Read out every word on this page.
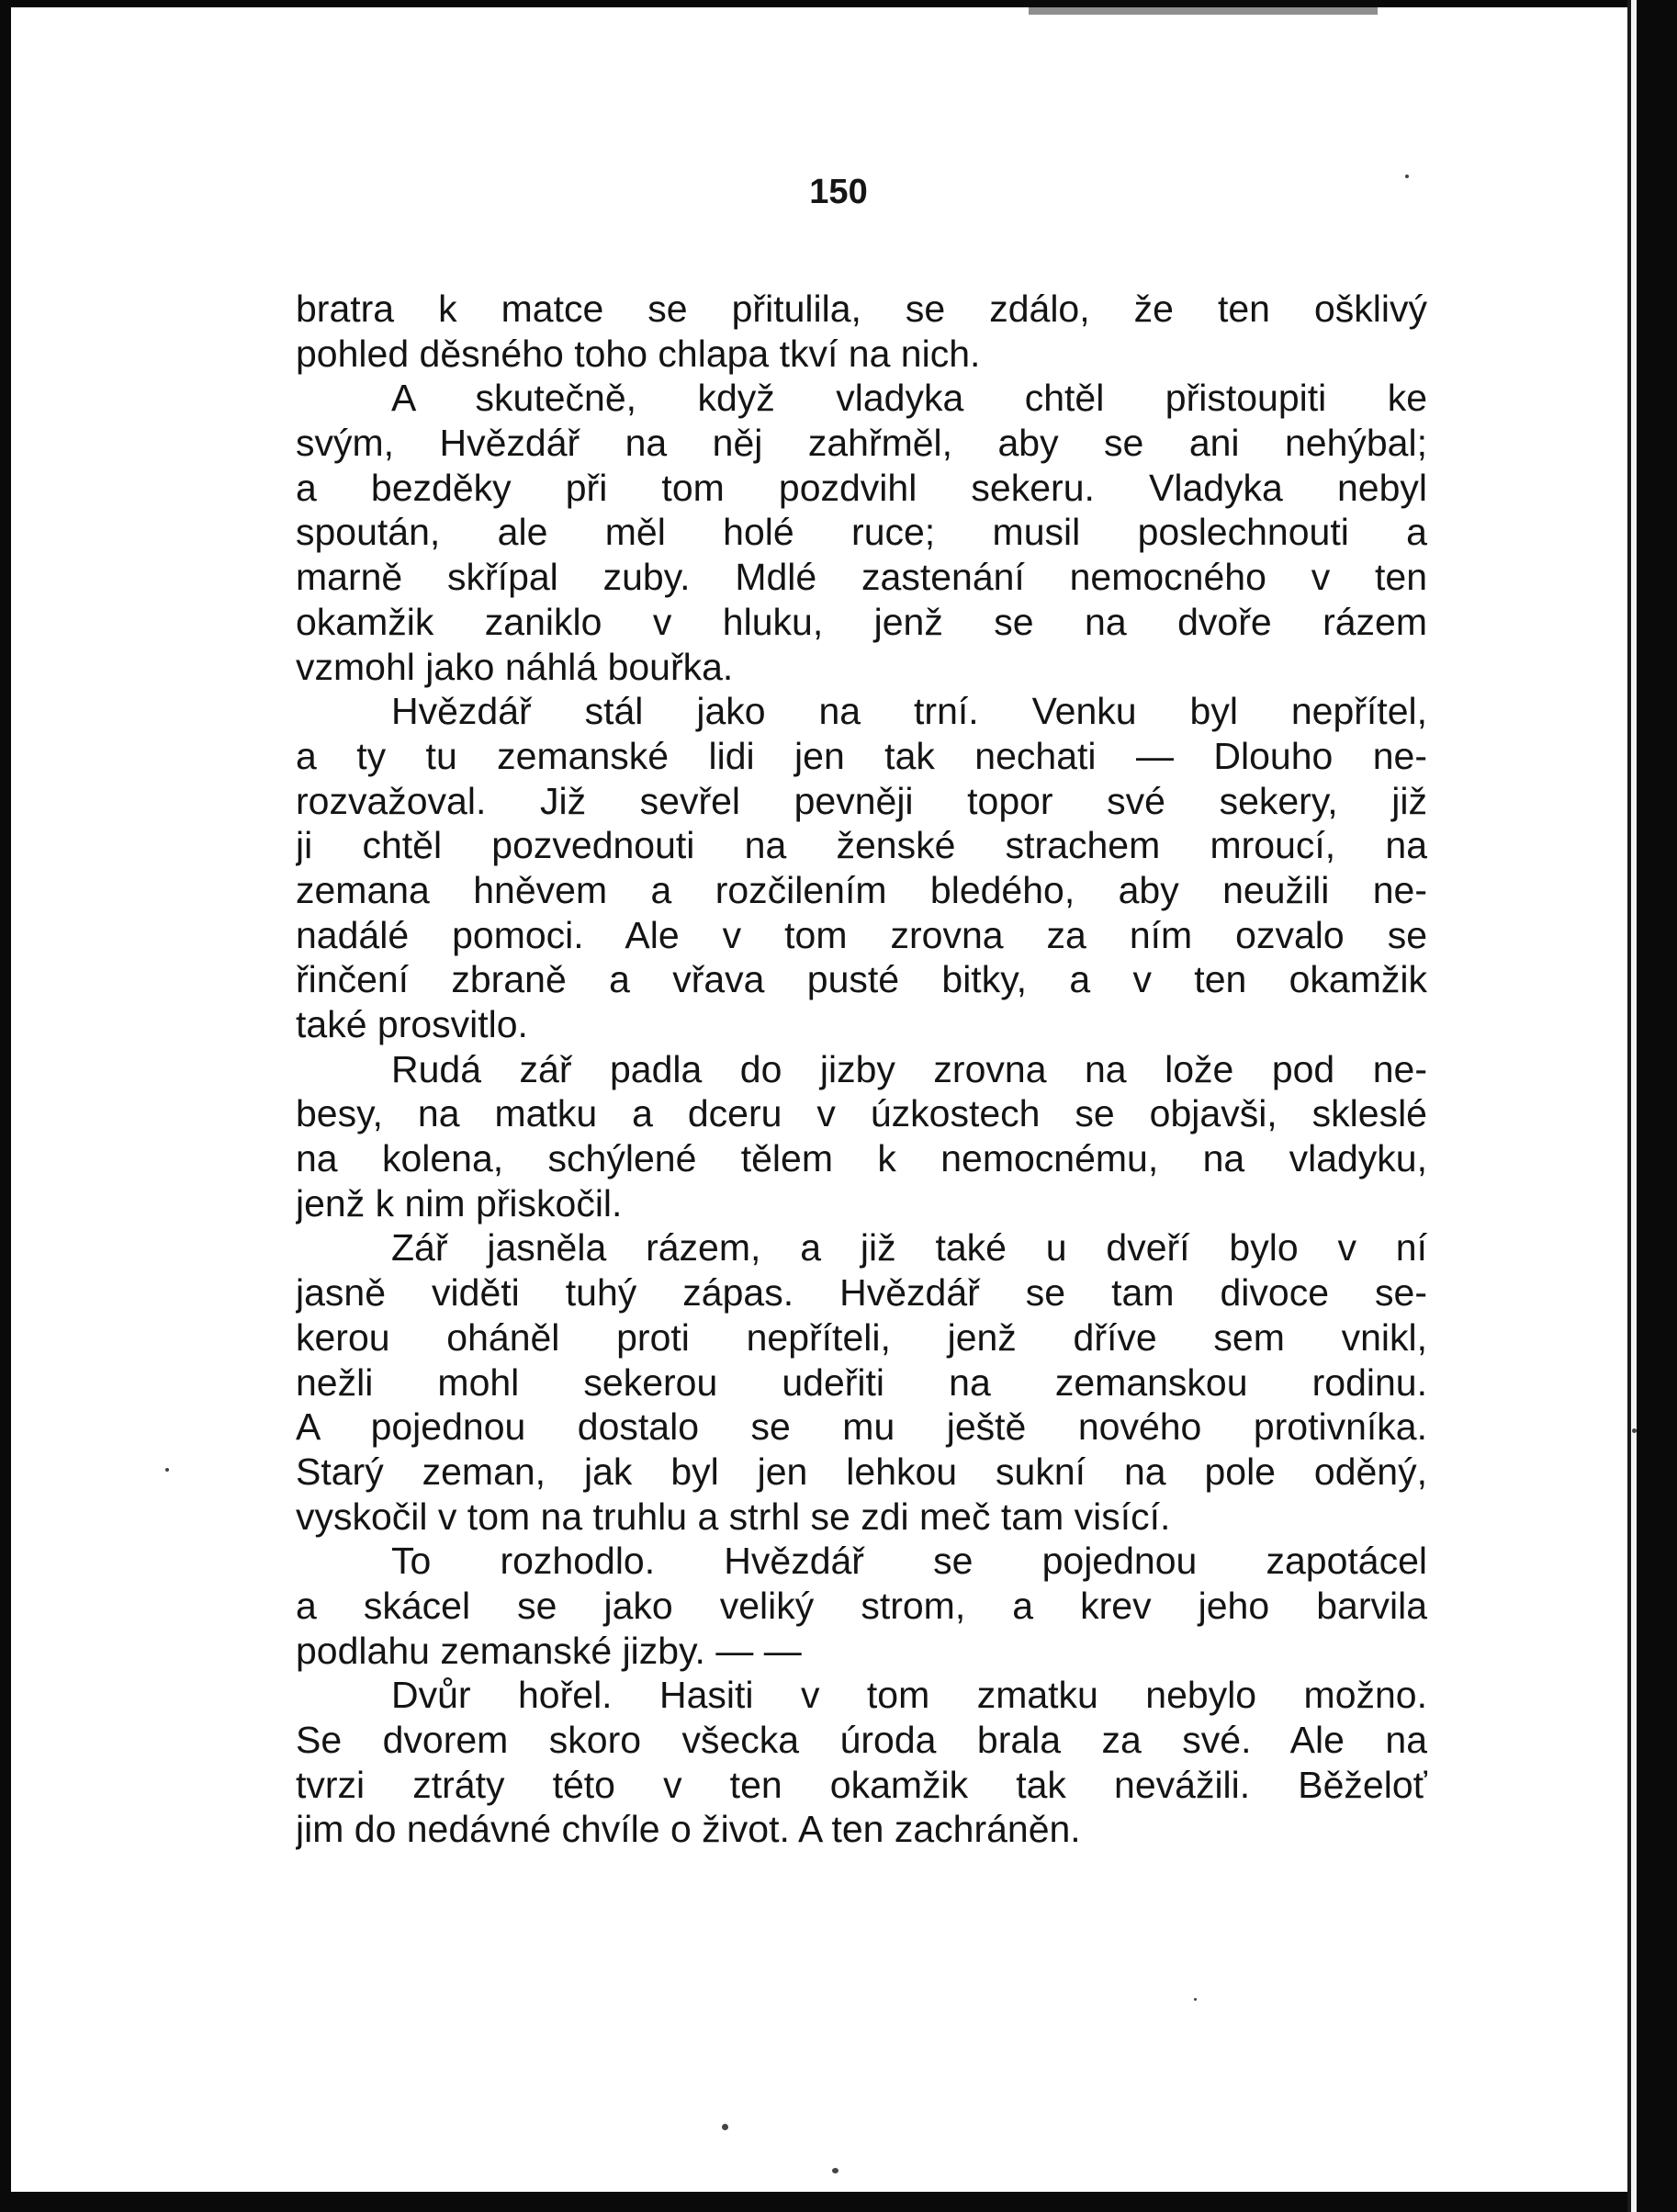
150
bratra k matce se přitulila, se zdálo, že ten ošklivý
pohled děsného toho chlapa tkví na nich.
A skutečně, když vladyka chtěl přistoupiti ke
svým, Hvězdář na něj zahřměl, aby se ani nehýbal;
a bezděky při tom pozdvihl sekeru. Vladyka nebyl
spoután, ale měl holé ruce; musil poslechnouti a
marně skřípal zuby. Mdlé zastenání nemocného v ten
okamžik zaniklo v hluku, jenž se na dvoře rázem
vzmohl jako náhlá bouřka.
Hvězdář stál jako na trní. Venku byl nepřítel,
a ty tu zemanské lidi jen tak nechati — Dlouho ne-
rozvažoval. Již sevřel pevněji topor své sekery, již
ji chtěl pozvednouti na ženské strachem mroucí, na
zemana hněvem a rozčilením bledého, aby neužili ne-
nadálé pomoci. Ale v tom zrovna za ním ozvalo se
řinčení zbraně a vřava pusté bitky, a v ten okamžik
také prosvitlo.
Rudá zář padla do jizby zrovna na lože pod ne-
besy, na matku a dceru v úzkostech se objavši, skleslé
na kolena, schýlené tělem k nemocnému, na vladyku,
jenž k nim přiskočil.
Zář jasněla rázem, a již také u dveří bylo v ní
jasně viděti tuhý zápas. Hvězdář se tam divoce se-
kerou oháněl proti nepříteli, jenž dříve sem vnikl,
nežli mohl sekerou udeřiti na zemanskou rodinu.
A pojednou dostalo se mu ještě nového protivníka.
Starý zeman, jak byl jen lehkou sukní na pole oděný,
vyskočil v tom na truhlu a strhl se zdi meč tam visící.
To rozhodlo. Hvězdář se pojednou zapotácel
a skácel se jako veliký strom, a krev jeho barvila
podlahu zemanské jizby. — —
Dvůr hořel. Hasiti v tom zmatku nebylo možno.
Se dvorem skoro všecka úroda brala za své. Ale na
tvrzi ztráty této v ten okamžik tak nevážili. Běželoť
jim do nedávné chvíle o život. A ten zachráněn.
